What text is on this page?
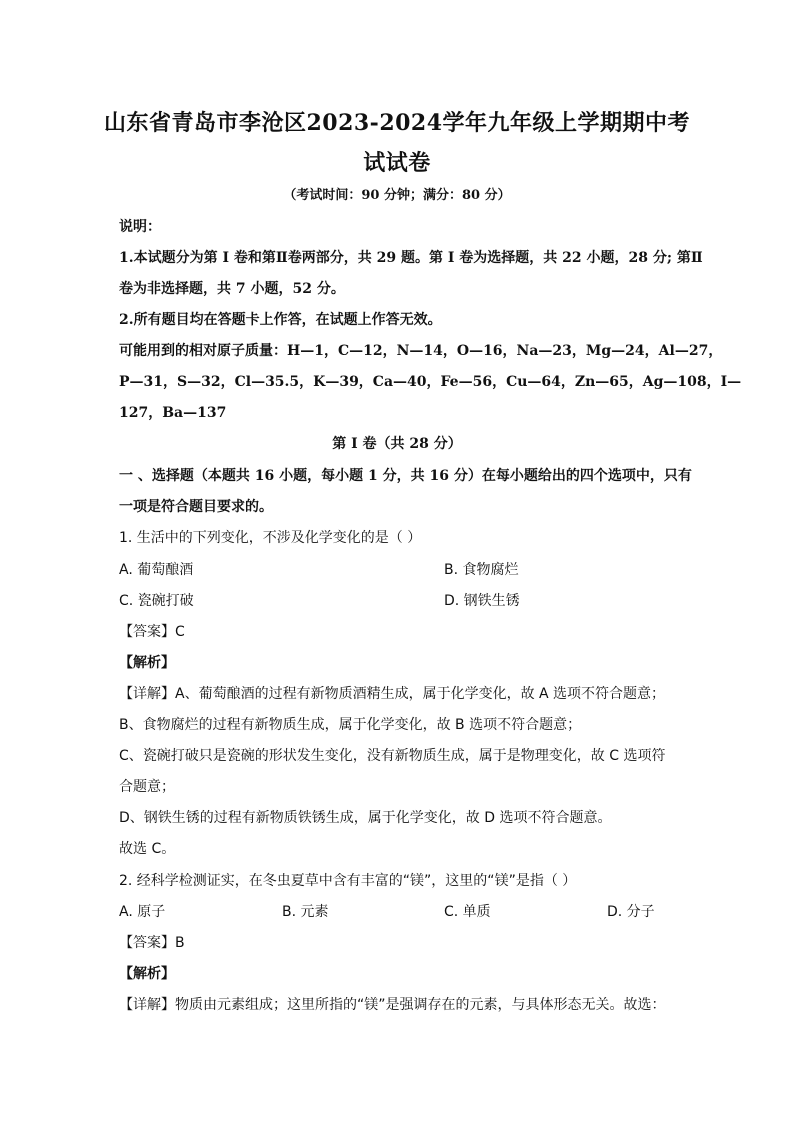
山东省青岛市李沧区2023-2024学年九年级上学期期中考
试试卷
（考试时间：90 分钟；满分：80 分）
说明：
1.本试题分为第 I 卷和第Ⅱ卷两部分，共 29 题。第 I 卷为选择题，共 22 小题，28 分; 第Ⅱ
卷为非选择题，共 7 小题，52 分。
2.所有题目均在答题卡上作答，在试题上作答无效。
可能用到的相对原子质量：H—1，C—12，N—14，O—16，Na—23，Mg—24，Al—27，
P—31，S—32，Cl—35.5，K—39，Ca—40，Fe—56，Cu—64，Zn—65，Ag—108，I—
127，Ba—137
第 I 卷（共 28 分）
一 、选择题（本题共 16 小题，每小题 1 分，共 16 分）在每小题给出的四个选项中，只有
一项是符合题目要求的。
1. 生活中的下列变化，不涉及化学变化的是（ ）
A. 葡萄酿酒	B. 食物腐烂
C. 瓷碗打破	D. 钢铁生锈
【答案】C
【解析】
【详解】A、葡萄酿酒的过程有新物质酒精生成，属于化学变化，故 A 选项不符合题意；
B、食物腐烂的过程有新物质生成，属于化学变化，故 B 选项不符合题意；
C、瓷碗打破只是瓷碗的形状发生变化，没有新物质生成，属于是物理变化，故 C 选项符
合题意；
D、钢铁生锈的过程有新物质铁锈生成，属于化学变化，故 D 选项不符合题意。
故选 C。
2. 经科学检测证实，在冬虫夏草中含有丰富的“镁”，这里的“镁”是指（ ）
A. 原子	B. 元素	C. 单质	D. 分子
【答案】B
【解析】
【详解】物质由元素组成；这里所指的“镁”是强调存在的元素，与具体形态无关。故选：
